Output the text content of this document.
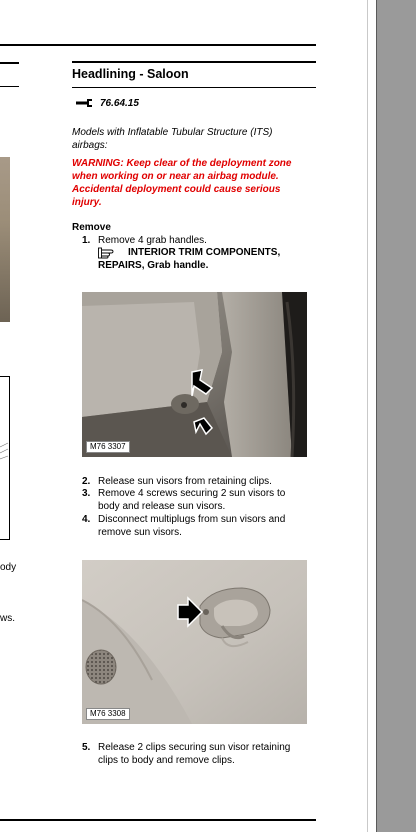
ody
ws.
Headlining - Saloon
76.64.15
Models with Inflatable Tubular Structure (ITS) airbags:
WARNING: Keep clear of the deployment zone when working on or near an airbag module. Accidental deployment could cause serious injury.
Remove
1. Remove 4 grab handles.
INTERIOR TRIM COMPONENTS, REPAIRS, Grab handle.
M76 3307
2. Release sun visors from retaining clips.
3. Remove 4 screws securing 2 sun visors to body and release sun visors.
4. Disconnect multiplugs from sun visors and remove sun visors.
M76 3308
5. Release 2 clips securing sun visor retaining clips to body and remove clips.
